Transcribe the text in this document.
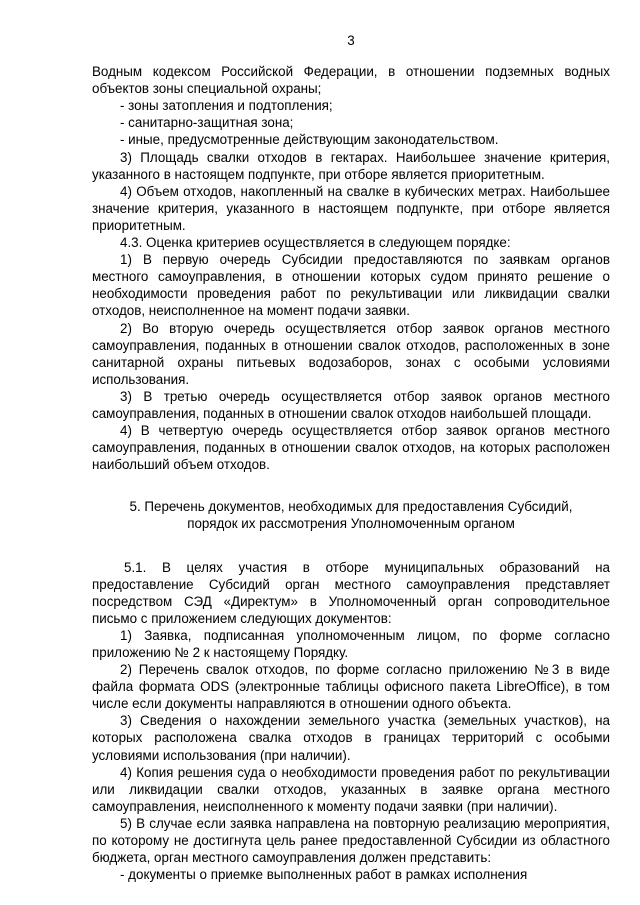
3

Водным кодексом Российской Федерации, в отношении подземных водных объектов зоны специальной охраны;

- зоны затопления и подтопления;

- санитарно-защитная зона;

- иные, предусмотренные действующим законодательством.

3) Площадь свалки отходов в гектарах. Наибольшее значение критерия, указанного в настоящем подпункте, при отборе является приоритетным.

4) Объем отходов, накопленный на свалке в кубических метрах. Наибольшее значение критерия, указанного в настоящем подпункте, при отборе является приоритетным.

4.3. Оценка критериев осуществляется в следующем порядке:

1) В первую очередь Субсидии предоставляются по заявкам органов местного самоуправления, в отношении которых судом принято решение о необходимости проведения работ по рекультивации или ликвидации свалки отходов, неисполненное на момент подачи заявки.

2) Во вторую очередь осуществляется отбор заявок органов местного самоуправления, поданных в отношении свалок отходов, расположенных в зоне санитарной охраны питьевых водозаборов, зонах с особыми условиями использования.

3) В третью очередь осуществляется отбор заявок органов местного самоуправления, поданных в отношении свалок отходов наибольшей площади.

4) В четвертую очередь осуществляется отбор заявок органов местного самоуправления, поданных в отношении свалок отходов, на которых расположен наибольший объем отходов.

5. Перечень документов, необходимых для предоставления Субсидий, порядок их рассмотрения Уполномоченным органом

5.1. В целях участия в отборе муниципальных образований на предоставление Субсидий орган местного самоуправления представляет посредством СЭД «Директум» в Уполномоченный орган сопроводительное письмо с приложением следующих документов:

1) Заявка, подписанная уполномоченным лицом, по форме согласно приложению № 2 к настоящему Порядку.

2) Перечень свалок отходов, по форме согласно приложению №3 в виде файла формата ODS (электронные таблицы офисного пакета LibreOffice), в том числе если документы направляются в отношении одного объекта.

3) Сведения о нахождении земельного участка (земельных участков), на которых расположена свалка отходов в границах территорий с особыми условиями использования (при наличии).

4) Копия решения суда о необходимости проведения работ по рекультивации или ликвидации свалки отходов, указанных в заявке органа местного самоуправления, неисполненного к моменту подачи заявки (при наличии).

5) В случае если заявка направлена на повторную реализацию мероприятия, по которому не достигнута цель ранее предоставленной Субсидии из областного бюджета, орган местного самоуправления должен представить:

- документы о приемке выполненных работ в рамках исполнения
